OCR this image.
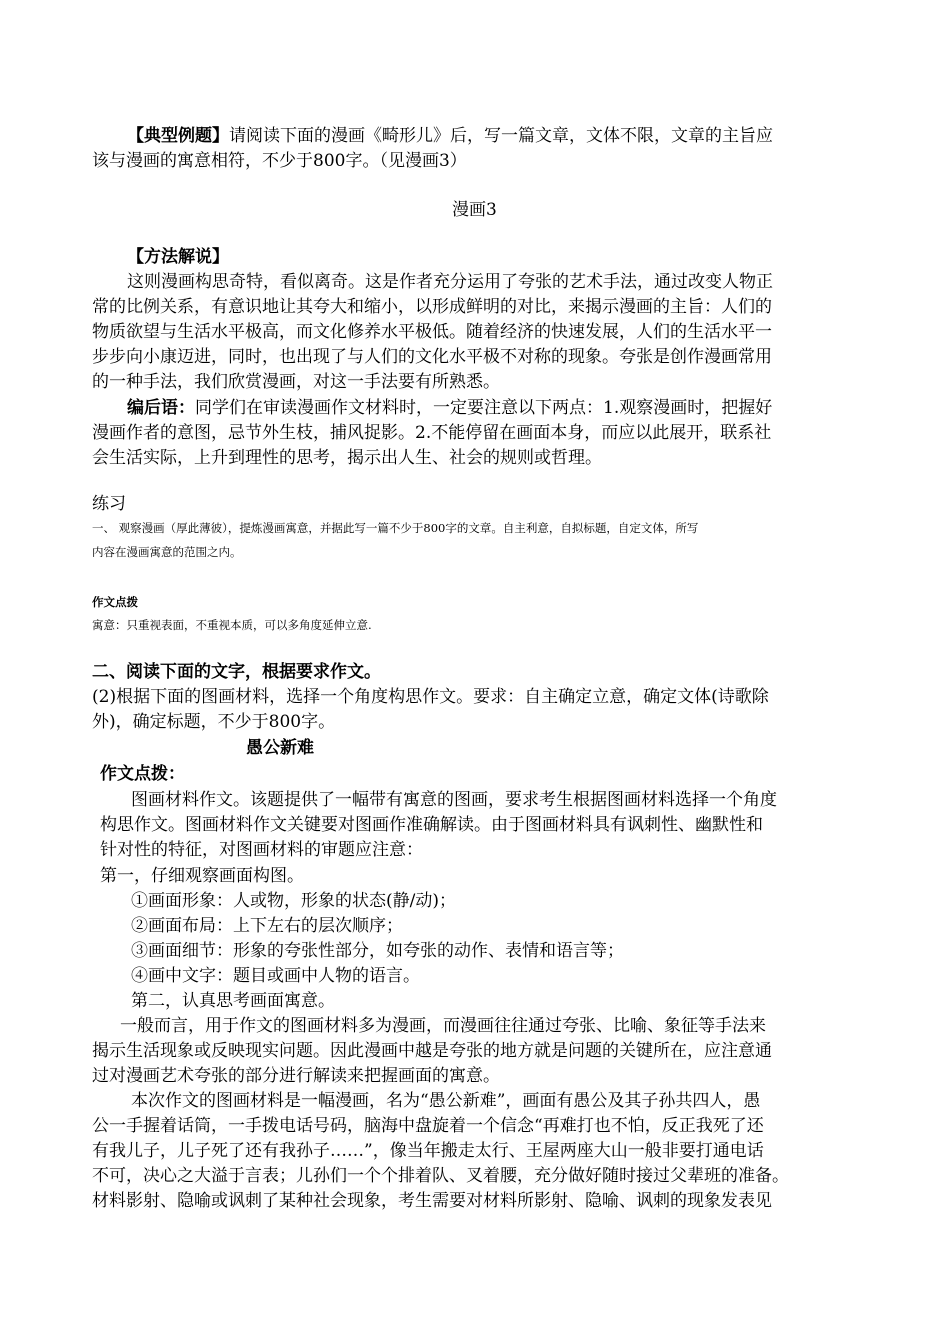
【典型例题】请阅读下面的漫画《畸形儿》后，写一篇文章，文体不限，文章的主旨应
该与漫画的寓意相符，不少于800字。（见漫画3）
漫画3
【方法解说】
这则漫画构思奇特，看似离奇。这是作者充分运用了夸张的艺术手法，通过改变人物正
常的比例关系，有意识地让其夸大和缩小，以形成鲜明的对比，来揭示漫画的主旨：人们的
物质欲望与生活水平极高，而文化修养水平极低。随着经济的快速发展，人们的生活水平一
步步向小康迈进，同时，也出现了与人们的文化水平极不对称的现象。夸张是创作漫画常用
的一种手法，我们欣赏漫画，对这一手法要有所熟悉。
编后语：同学们在审读漫画作文材料时，一定要注意以下两点：1.观察漫画时，把握好
漫画作者的意图，忌节外生枝，捕风捉影。2.不能停留在画面本身，而应以此展开，联系社
会生活实际，上升到理性的思考，揭示出人生、社会的规则或哲理。
练习
一、 观察漫画（厚此薄彼），提炼漫画寓意，并据此写一篇不少于800字的文章。自主利意，自拟标题，自定文体，所写
内容在漫画寓意的范围之内。
作文点拨
寓意：只重视表面，不重视本质，可以多角度延伸立意.
二、阅读下面的文字，根据要求作文。
(2)根据下面的图画材料，选择一个角度构思作文。要求：自主确定立意，确定文体(诗歌除
外)，确定标题，不少于800字。
愚公新难
作文点拨：
图画材料作文。该题提供了一幅带有寓意的图画，要求考生根据图画材料选择一个角度
构思作文。图画材料作文关键要对图画作准确解读。由于图画材料具有讽刺性、幽默性和
针对性的特征，对图画材料的审题应注意：
第一，仔细观察画面构图。
①画面形象：人或物，形象的状态(静/动)；
②画面布局：上下左右的层次顺序；
③画面细节：形象的夸张性部分，如夸张的动作、表情和语言等；
④画中文字：题目或画中人物的语言。
第二，认真思考画面寓意。
一般而言，用于作文的图画材料多为漫画，而漫画往往通过夸张、比喻、象征等手法来
揭示生活现象或反映现实问题。因此漫画中越是夸张的地方就是问题的关键所在，应注意通
过对漫画艺术夸张的部分进行解读来把握画面的寓意。
本次作文的图画材料是一幅漫画，名为“愚公新难”，画面有愚公及其子孙共四人，愚
公一手握着话筒，一手拨电话号码，脑海中盘旋着一个信念“再难打也不怕，反正我死了还
有我儿子，儿子死了还有我孙子……”，像当年搬走太行、王屋两座大山一般非要打通电话
不可，决心之大溢于言表；儿孙们一个个排着队、叉着腰，充分做好随时接过父辈班的准备。
材料影射、隐喻或讽刺了某种社会现象，考生需要对材料所影射、隐喻、讽刺的现象发表见
